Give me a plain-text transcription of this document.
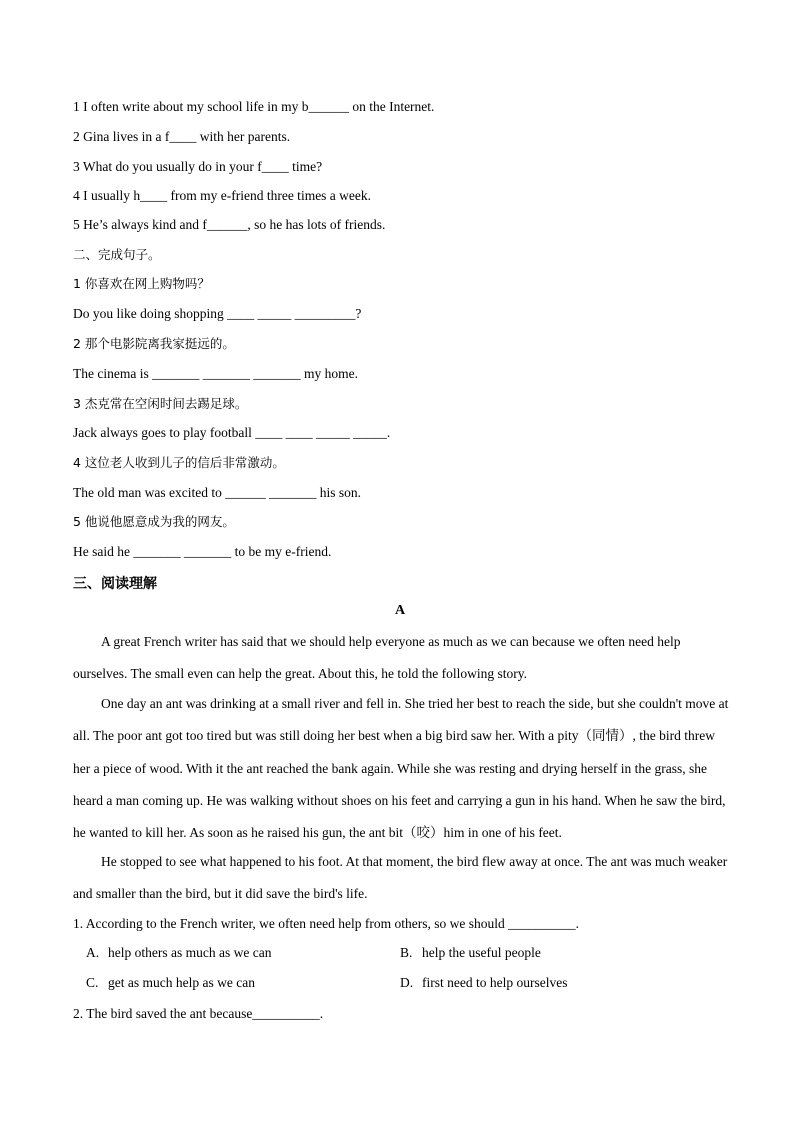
1 I often write about my school life in my b______ on the Internet.
2 Gina lives in a f____ with her parents.
3 What do you usually do in your f____ time?
4 I usually h____ from my e-friend three times a week.
5 He’s always kind and f______, so he has lots of friends.
二、完成句子。
1 你喜欢在网上购物吗？
Do you like doing shopping ____ _____ _________?
2 那个电影院离我家挺远的。
The cinema is _______ _______ _______ my home.
3 杰克常在空闲时间去踢足球。
Jack always goes to play football ____ ____ _____ _____.
4 这位老人收到儿子的信后非常激动。
The old man was excited to ______ _______ his son.
5 他说他愿意成为我的网友。
He said he _______ _______ to be my e-friend.
三、阅读理解
A
A great French writer has said that we should help everyone as much as we can because we often need help ourselves. The small even can help the great. About this, he told the following story.
One day an ant was drinking at a small river and fell in. She tried her best to reach the side, but she couldn't move at all. The poor ant got too tired but was still doing her best when a big bird saw her. With a pity（同情）, the bird threw her a piece of wood. With it the ant reached the bank again. While she was resting and drying herself in the grass, she heard a man coming up. He was walking without shoes on his feet and carrying a gun in his hand. When he saw the bird, he wanted to kill her. As soon as he raised his gun, the ant bit（咬）him in one of his feet.
He stopped to see what happened to his foot. At that moment, the bird flew away at once. The ant was much weaker and smaller than the bird, but it did save the bird's life.
1. According to the French writer, we often need help from others, so we should __________.
A. help others as much as we can	B. help the useful people
C. get as much help as we can	D. first need to help ourselves
2. The bird saved the ant because__________.
